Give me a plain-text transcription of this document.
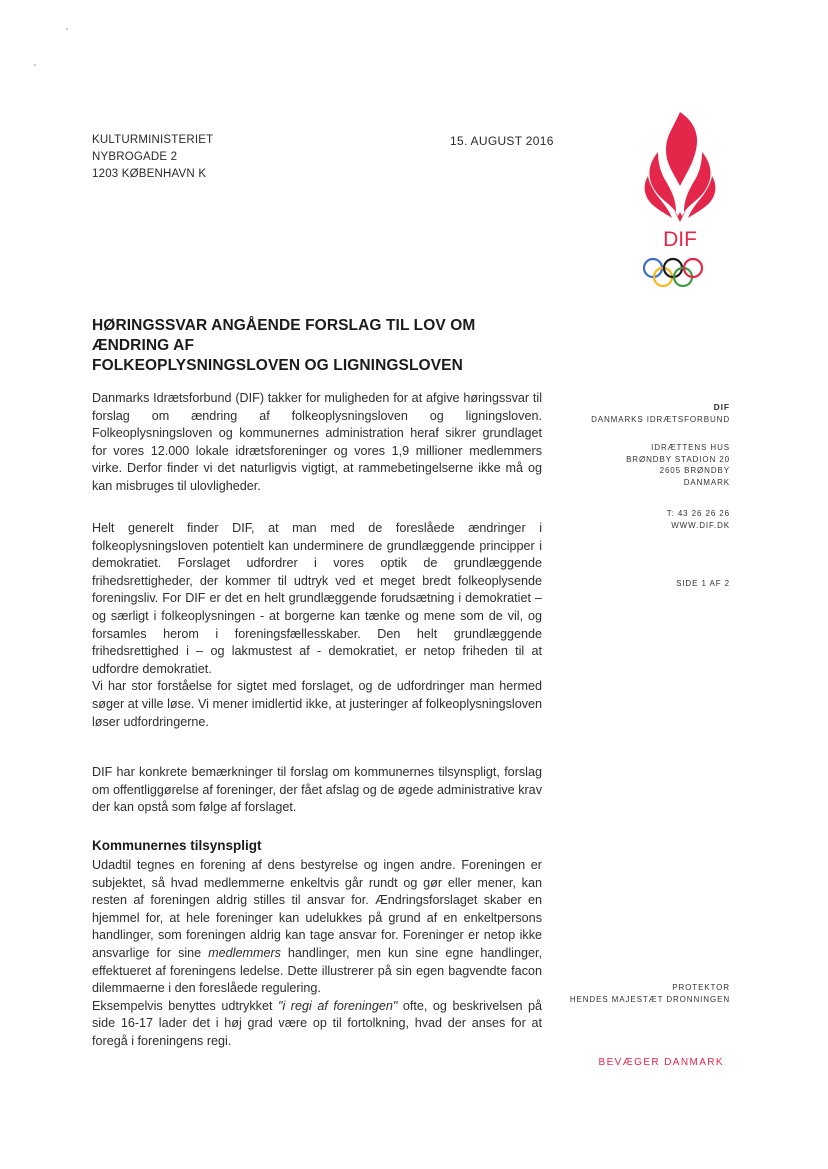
KULTURMINISTERIET
NYBROGADE 2
1203 KØBENHAVN K
15. AUGUST 2016
DIF
HØRINGSSVAR ANGÅENDE FORSLAG TIL LOV OM ÆNDRING AF
FOLKEOPLYSNINGSLOVEN OG LIGNINGSLOVEN

Danmarks Idrætsforbund (DIF) takker for muligheden for at afgive høringssvar til forslag om ændring af folkeoplysningsloven og ligningsloven. Folkeoplysningsloven og kommunernes administration heraf sikrer grundlaget for vores 12.000 lokale idrætsforeninger og vores 1,9 millioner medlemmers virke. Derfor finder vi det naturligvis vigtigt, at rammebetingelserne ikke må og kan misbruges til ulovligheder.

Helt generelt finder DIF, at man med de foreslåede ændringer i folkeoplysningsloven potentielt kan underminere de grundlæggende principper i demokratiet. Forslaget udfordrer i vores optik de grundlæggende frihedsrettigheder, der kommer til udtryk ved et meget bredt folkeoplysende foreningsliv. For DIF er det en helt grundlæggende forudsætning i demokratiet – og særligt i folkeoplysningen - at borgerne kan tænke og mene som de vil, og forsamles herom i foreningsfællesskaber. Den helt grundlæggende frihedsrettighed i – og lakmustest af - demokratiet, er netop friheden til at udfordre demokratiet.

Vi har stor forståelse for sigtet med forslaget, og de udfordringer man hermed søger at ville løse. Vi mener imidlertid ikke, at justeringer af folkeoplysningsloven løser udfordringerne.

DIF har konkrete bemærkninger til forslag om kommunernes tilsynspligt, forslag om offentliggørelse af foreninger, der fået afslag og de øgede administrative krav der kan opstå som følge af forslaget.

Kommunernes tilsynspligt

Udadtil tegnes en forening af dens bestyrelse og ingen andre. Foreningen er subjektet, så hvad medlemmerne enkeltvis går rundt og gør eller mener, kan resten af foreningen aldrig stilles til ansvar for. Ændringsforslaget skaber en hjemmel for, at hele foreninger kan udelukkes på grund af en enkeltpersons handlinger, som foreningen aldrig kan tage ansvar for. Foreninger er netop ikke ansvarlige for sine medlemmers handlinger, men kun sine egne handlinger, effektueret af foreningens ledelse. Dette illustrerer på sin egen bagvendte facon dilemmaerne i den foreslåede regulering.

Eksempelvis benyttes udtrykket "i regi af foreningen" ofte, og beskrivelsen på side 16-17 lader det i høj grad være op til fortolkning, hvad der anses for at foregå i foreningens regi.

DIF
DANMARKS IDRÆTSFORBUND
IDRÆTTENS HUS
BRØNDBY STADION 20
2605 BRØNDBY
DANMARK
T: 43 26 26 26
WWW.DIF.DK
SIDE 1 AF 2
PROTEKTOR
HENDES MAJESTÆT DRONNINGEN
BEVÆGER DANMARK
